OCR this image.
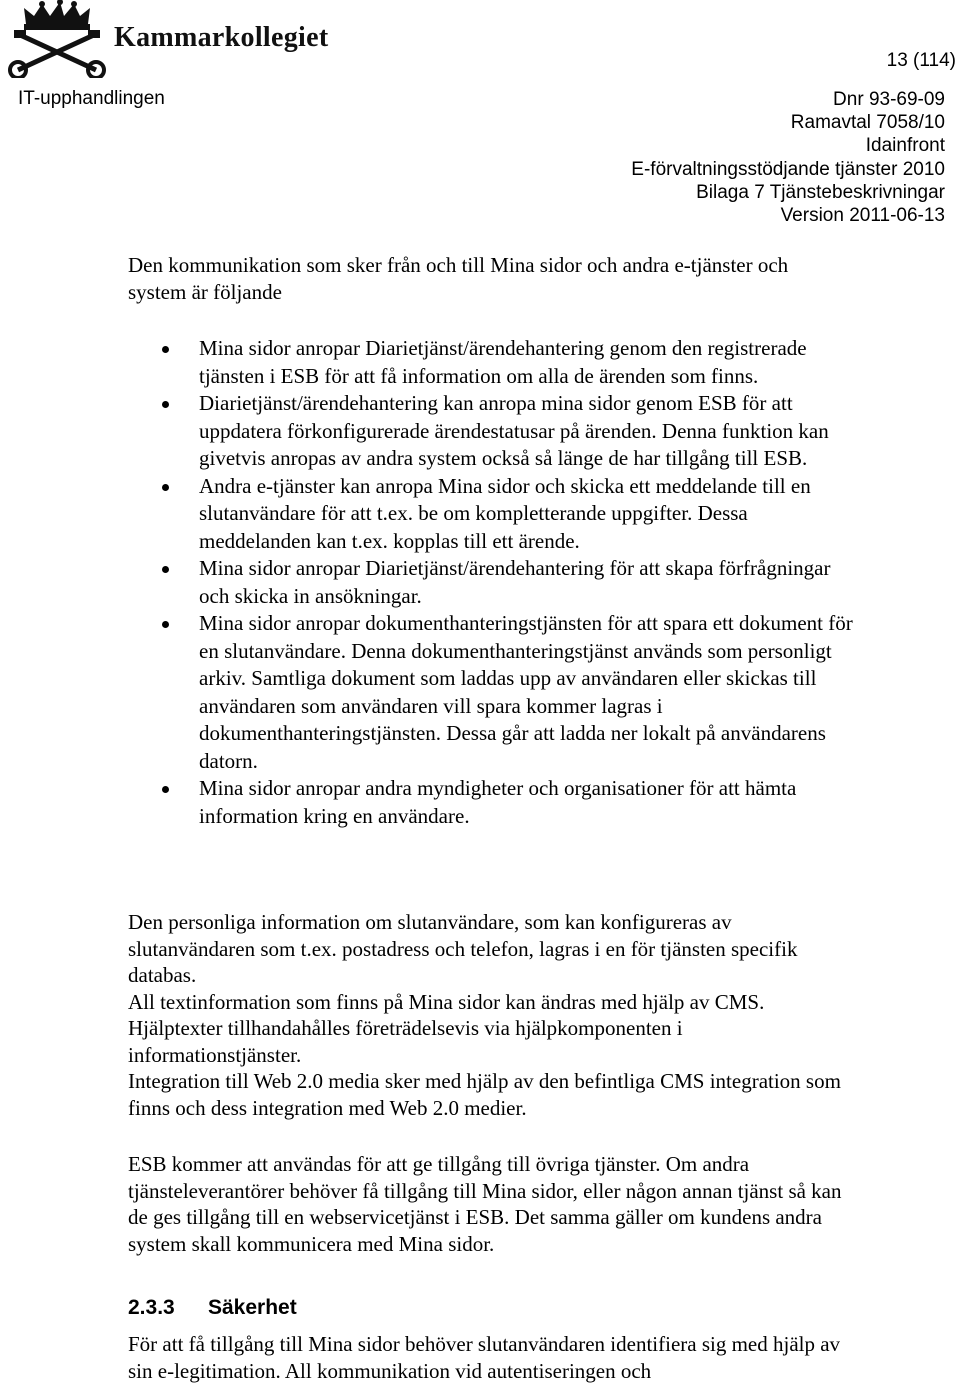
Kammarkollegiet
13 (114)
IT-upphandlingen	Dnr 93-69-09
Ramavtal 7058/10
Idainfront
E-förvaltningsstödjande tjänster 2010
Bilaga 7 Tjänstebeskrivningar
Version 2011-06-13

Den kommunikation som sker från och till Mina sidor och andra e-tjänster och system är följande

Mina sidor anropar Diarietjänst/ärendehantering genom den registrerade tjänsten i ESB för att få information om alla de ärenden som finns.
Diarietjänst/ärendehantering kan anropa mina sidor genom ESB för att uppdatera förkonfigurerade ärendestatusar på ärenden. Denna funktion kan givetvis anropas av andra system också så länge de har tillgång till ESB.
Andra e-tjänster kan anropa Mina sidor och skicka ett meddelande till en slutanvändare för att t.ex. be om kompletterande uppgifter. Dessa meddelanden kan t.ex. kopplas till ett ärende.
Mina sidor anropar Diarietjänst/ärendehantering för att skapa förfrågningar och skicka in ansökningar.
Mina sidor anropar dokumenthanteringstjänsten för att spara ett dokument för en slutanvändare. Denna dokumenthanteringstjänst används som personligt arkiv. Samtliga dokument som laddas upp av användaren eller skickas till användaren som användaren vill spara kommer lagras i dokumenthanteringstjänsten. Dessa går att ladda ner lokalt på användarens datorn.
Mina sidor anropar andra myndigheter och organisationer för att hämta information kring en användare.

Den personliga information om slutanvändare, som kan konfigureras av slutanvändaren som t.ex. postadress och telefon, lagras i en för tjänsten specifik databas.

All textinformation som finns på Mina sidor kan ändras med hjälp av CMS.

Hjälptexter tillhandahålles företrädelsevis via hjälpkomponenten i informationstjänster.

Integration till Web 2.0 media sker med hjälp av den befintliga CMS integration som finns och dess integration med Web 2.0 medier.

ESB kommer att användas för att ge tillgång till övriga tjänster. Om andra tjänsteleverantörer behöver få tillgång till Mina sidor, eller någon annan tjänst så kan de ges tillgång till en webservicetjänst i ESB. Det samma gäller om kundens andra system skall kommunicera med Mina sidor.

2.3.3 Säkerhet

För att få tillgång till Mina sidor behöver slutanvändaren identifiera sig med hjälp av sin e-legitimation. All kommunikation vid autentiseringen och
